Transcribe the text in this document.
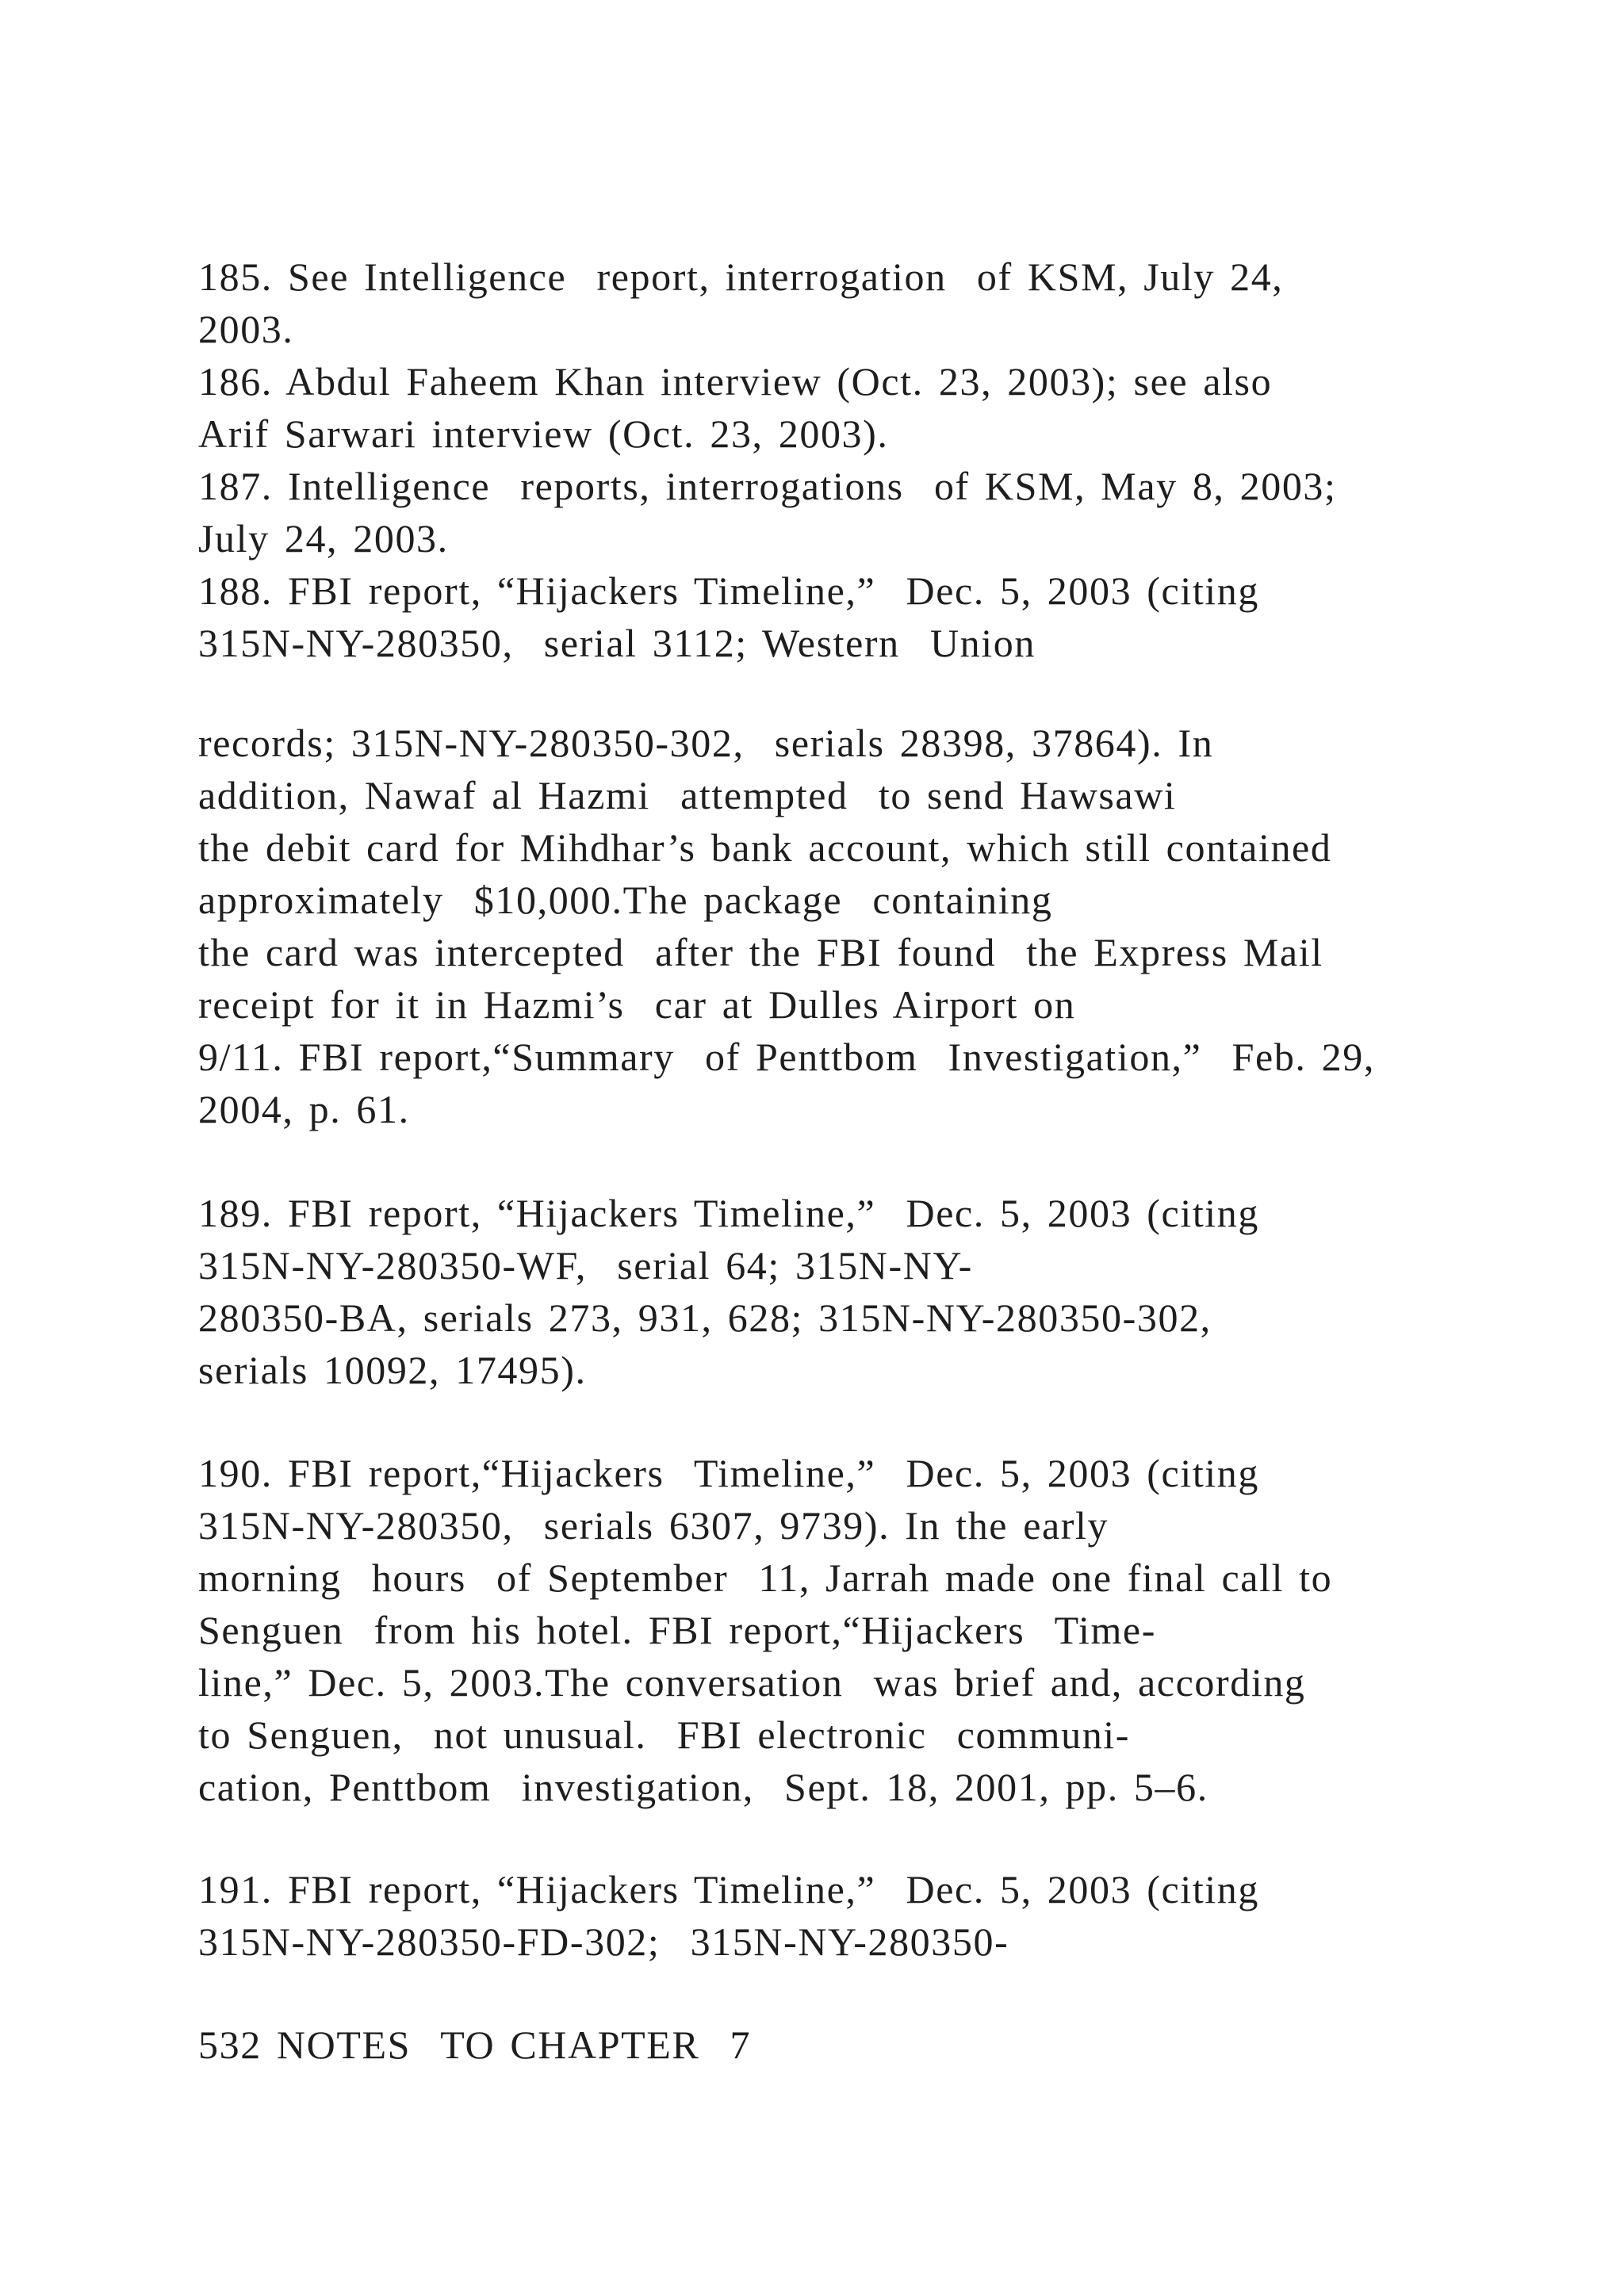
185. See Intelligence  report, interrogation  of KSM, July 24,
2003.
186. Abdul Faheem Khan interview (Oct. 23, 2003); see also
Arif Sarwari interview (Oct. 23, 2003).
187. Intelligence  reports, interrogations  of KSM, May 8, 2003;
July 24, 2003.
188. FBI report, “Hijackers Timeline,”  Dec. 5, 2003 (citing
315N-NY-280350,  serial 3112; Western  Union
records; 315N-NY-280350-302,  serials 28398, 37864). In
addition, Nawaf al Hazmi  attempted  to send Hawsawi
the debit card for Mihdhar’s bank account, which still contained
approximately  $10,000.The package  containing
the card was intercepted  after the FBI found  the Express Mail
receipt for it in Hazmi’s  car at Dulles Airport on
9/11. FBI report,“Summary  of Penttbom  Investigation,”  Feb. 29,
2004, p. 61.
189. FBI report, “Hijackers Timeline,”  Dec. 5, 2003 (citing
315N-NY-280350-WF,  serial 64; 315N-NY-
280350-BA, serials 273, 931, 628; 315N-NY-280350-302,
serials 10092, 17495).
190. FBI report,“Hijackers  Timeline,”  Dec. 5, 2003 (citing
315N-NY-280350,  serials 6307, 9739). In the early
morning  hours  of September  11, Jarrah made one final call to
Senguen  from his hotel. FBI report,“Hijackers  Time-
line,” Dec. 5, 2003.The conversation  was brief and, according
to Senguen,  not unusual.  FBI electronic  communi-
cation, Penttbom  investigation,  Sept. 18, 2001, pp. 5–6.
191. FBI report, “Hijackers Timeline,”  Dec. 5, 2003 (citing
315N-NY-280350-FD-302;  315N-NY-280350-
532 NOTES  TO CHAPTER  7
